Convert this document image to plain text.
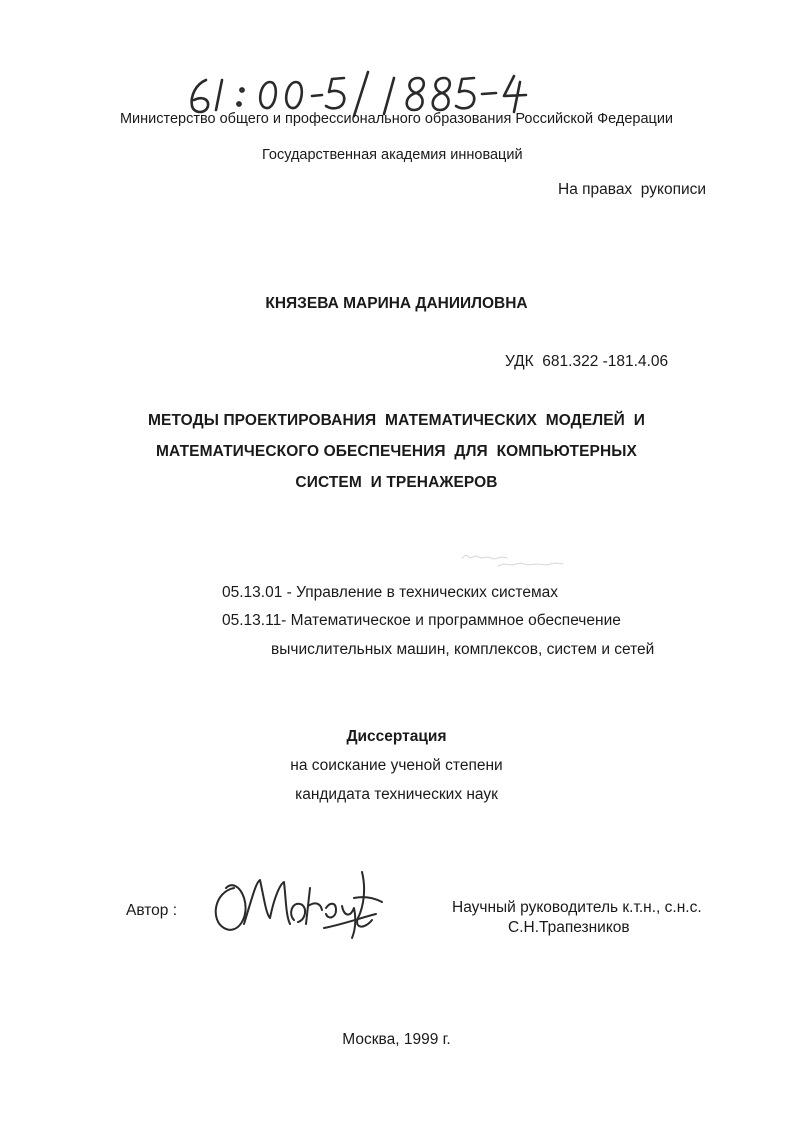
Министерство общего и профессионального образования Российской Федерации
Государственная академия инноваций
На правах  рукописи
КНЯЗЕВА МАРИНА ДАНИИЛОВНА
УДК  681.322 -181.4.06
МЕТОДЫ ПРОЕКТИРОВАНИЯ  МАТЕМАТИЧЕСКИХ  МОДЕЛЕЙ  И
МАТЕМАТИЧЕСКОГО ОБЕСПЕЧЕНИЯ  ДЛЯ  КОМПЬЮТЕРНЫХ
СИСТЕМ  И ТРЕНАЖЕРОВ
05.13.01 - Управление в технических системах
05.13.11- Математическое и программное обеспечение
вычислительных машин, комплексов, систем и сетей
Диссертация
на соискание ученой степени
кандидата технических наук
Автор :	Научный руководитель к.т.н., с.н.с.
С.Н.Трапезников
Москва, 1999 г.
